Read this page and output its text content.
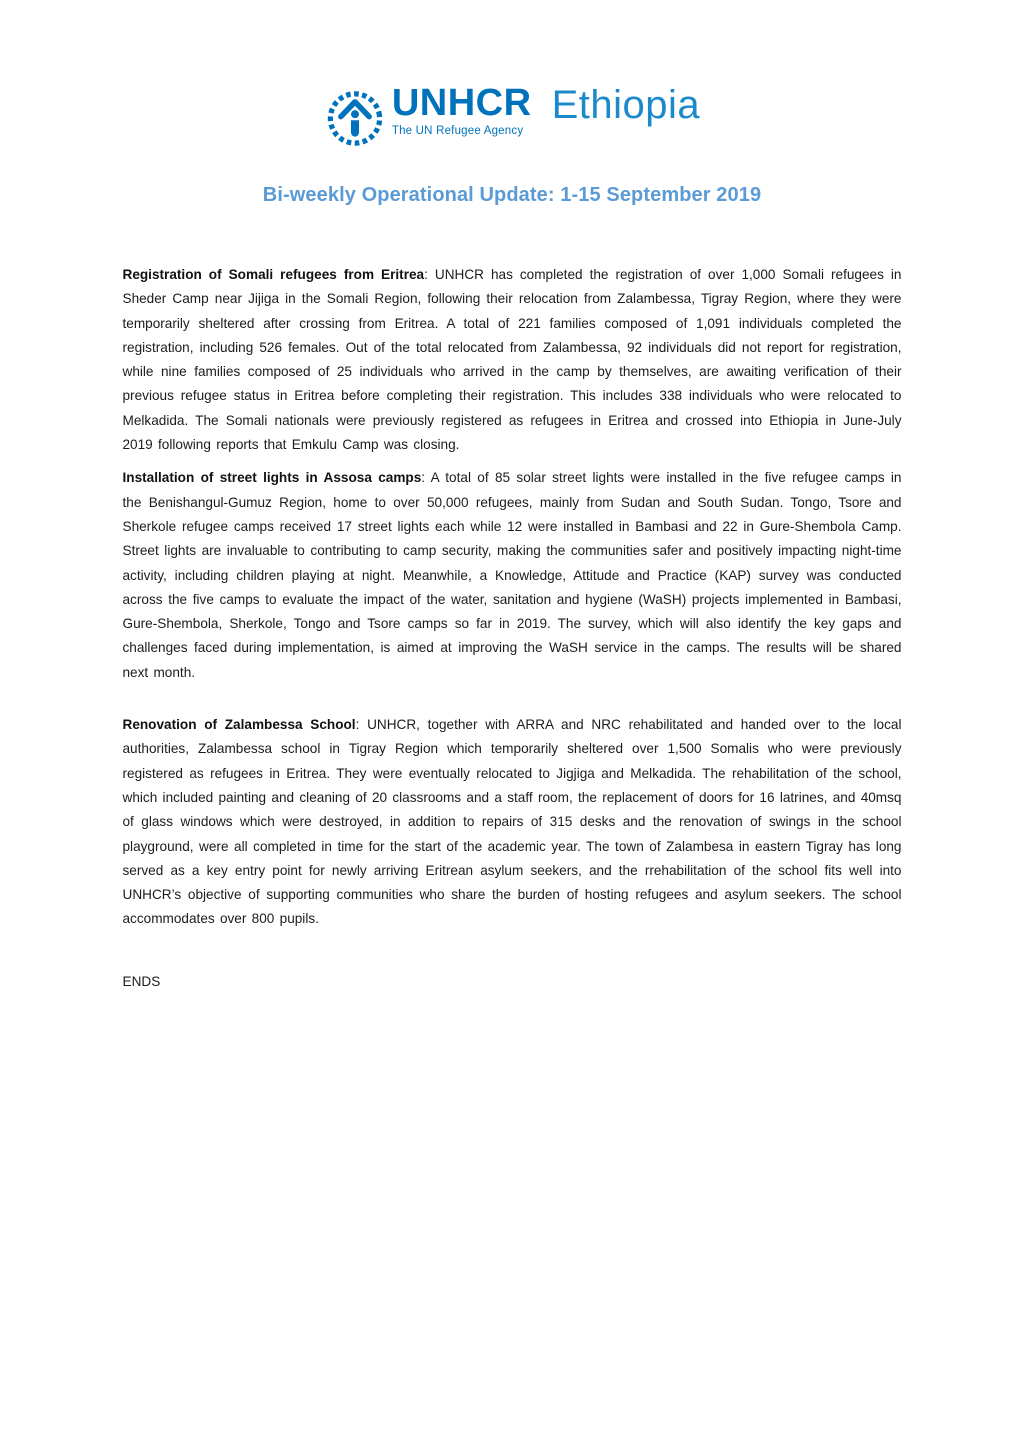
UNHCR
The UN Refugee Agency
Ethiopia
Bi-weekly Operational Update: 1-15 September 2019

Registration of Somali refugees from Eritrea: UNHCR has completed the registration of over 1,000 Somali refugees in Sheder Camp near Jijiga in the Somali Region, following their relocation from Zalambessa, Tigray Region, where they were temporarily sheltered after crossing from Eritrea. A total of 221 families composed of 1,091 individuals completed the registration, including 526 females. Out of the total relocated from Zalambessa, 92 individuals did not report for registration, while nine families composed of 25 individuals who arrived in the camp by themselves, are awaiting verification of their previous refugee status in Eritrea before completing their registration. This includes 338 individuals who were relocated to Melkadida. The Somali nationals were previously registered as refugees in Eritrea and crossed into Ethiopia in June-July 2019 following reports that Emkulu Camp was closing.

Installation of street lights in Assosa camps: A total of 85 solar street lights were installed in the five refugee camps in the Benishangul-Gumuz Region, home to over 50,000 refugees, mainly from Sudan and South Sudan. Tongo, Tsore and Sherkole refugee camps received 17 street lights each while 12 were installed in Bambasi and 22 in Gure-Shembola Camp. Street lights are invaluable to contributing to camp security, making the communities safer and positively impacting night-time activity, including children playing at night. Meanwhile, a Knowledge, Attitude and Practice (KAP) survey was conducted across the five camps to evaluate the impact of the water, sanitation and hygiene (WaSH) projects implemented in Bambasi, Gure-Shembola, Sherkole, Tongo and Tsore camps so far in 2019. The survey, which will also identify the key gaps and challenges faced during implementation, is aimed at improving the WaSH service in the camps. The results will be shared next month.

Renovation of Zalambessa School: UNHCR, together with ARRA and NRC rehabilitated and handed over to the local authorities, Zalambessa school in Tigray Region which temporarily sheltered over 1,500 Somalis who were previously registered as refugees in Eritrea. They were eventually relocated to Jigjiga and Melkadida. The rehabilitation of the school, which included painting and cleaning of 20 classrooms and a staff room, the replacement of doors for 16 latrines, and 40msq of glass windows which were destroyed, in addition to repairs of 315 desks and the renovation of swings in the school playground, were all completed in time for the start of the academic year. The town of Zalambesa in eastern Tigray has long served as a key entry point for newly arriving Eritrean asylum seekers, and the rrehabilitation of the school fits well into UNHCR’s objective of supporting communities who share the burden of hosting refugees and asylum seekers. The school accommodates over 800 pupils.

ENDS
